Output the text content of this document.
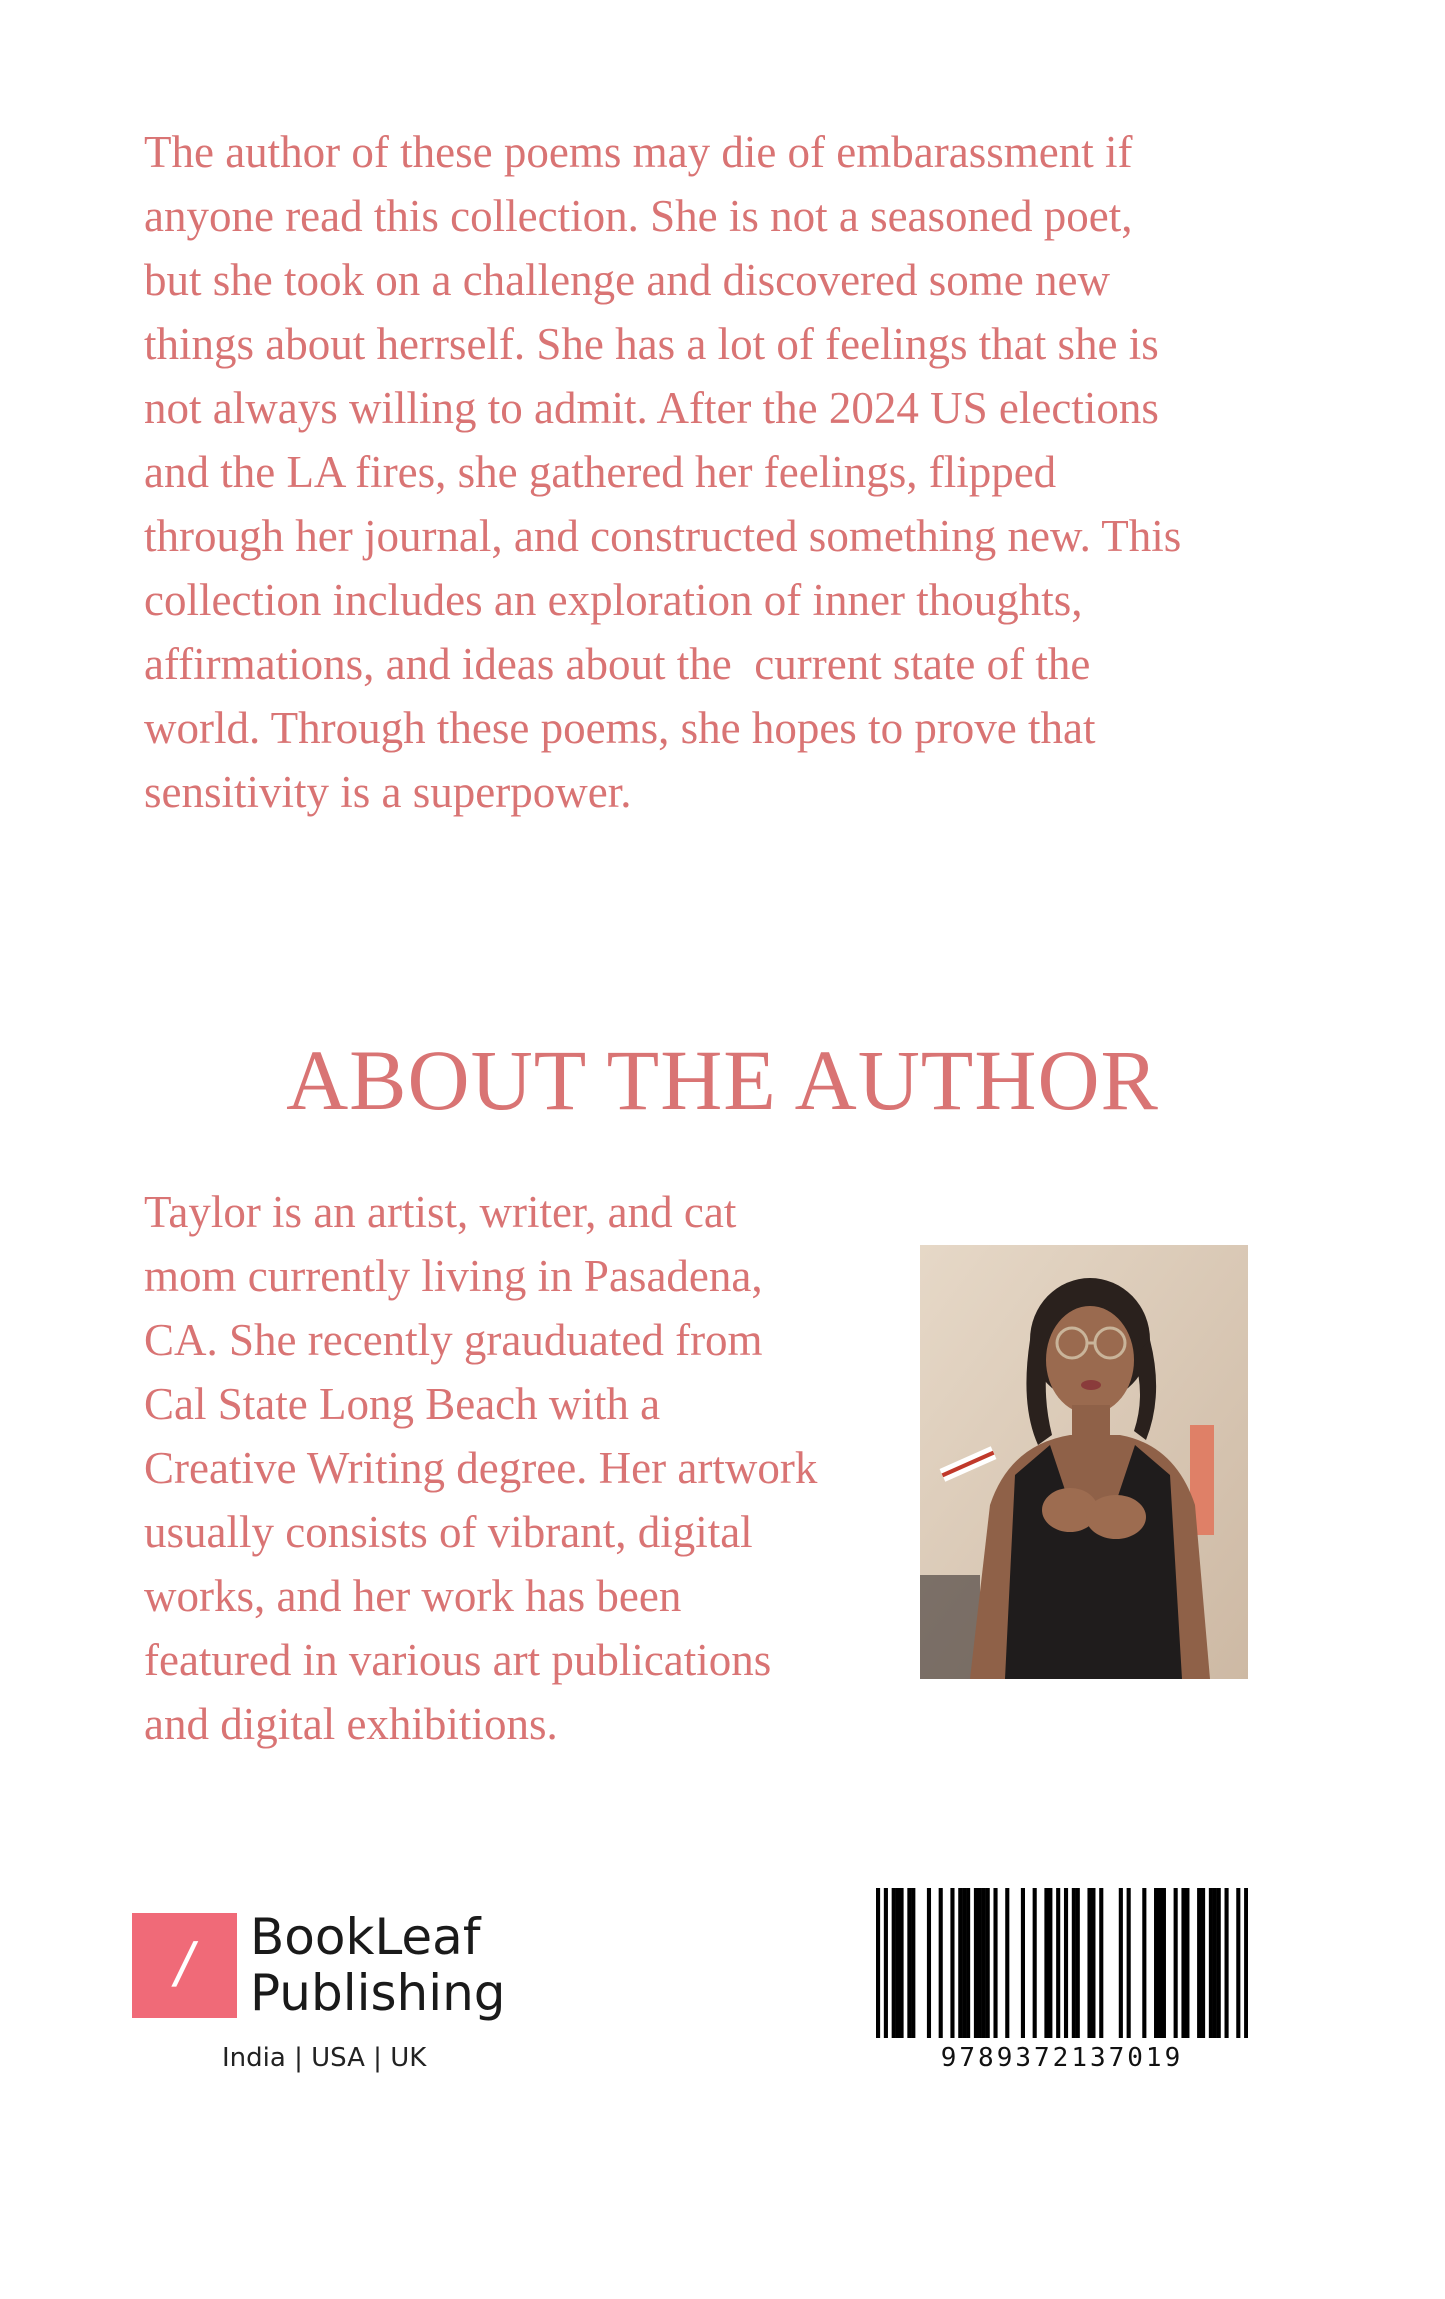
The author of these poems may die of embarassment if
anyone read this collection. She is not a seasoned poet,
but she took on a challenge and discovered some new
things about herrself. She has a lot of feelings that she is
not always willing to admit. After the 2024 US elections
and the LA fires, she gathered her feelings, flipped
through her journal, and constructed something new. This
collection includes an exploration of inner thoughts,
affirmations, and ideas about the  current state of the
world. Through these poems, she hopes to prove that
sensitivity is a superpower.
ABOUT THE AUTHOR
Taylor is an artist, writer, and cat
mom currently living in Pasadena,
CA. She recently grauduated from
Cal State Long Beach with a
Creative Writing degree. Her artwork
usually consists of vibrant, digital
works, and her work has been
featured in various art publications
and digital exhibitions.
/ BookLeaf
Publishing
India | USA | UK	9789372137019
